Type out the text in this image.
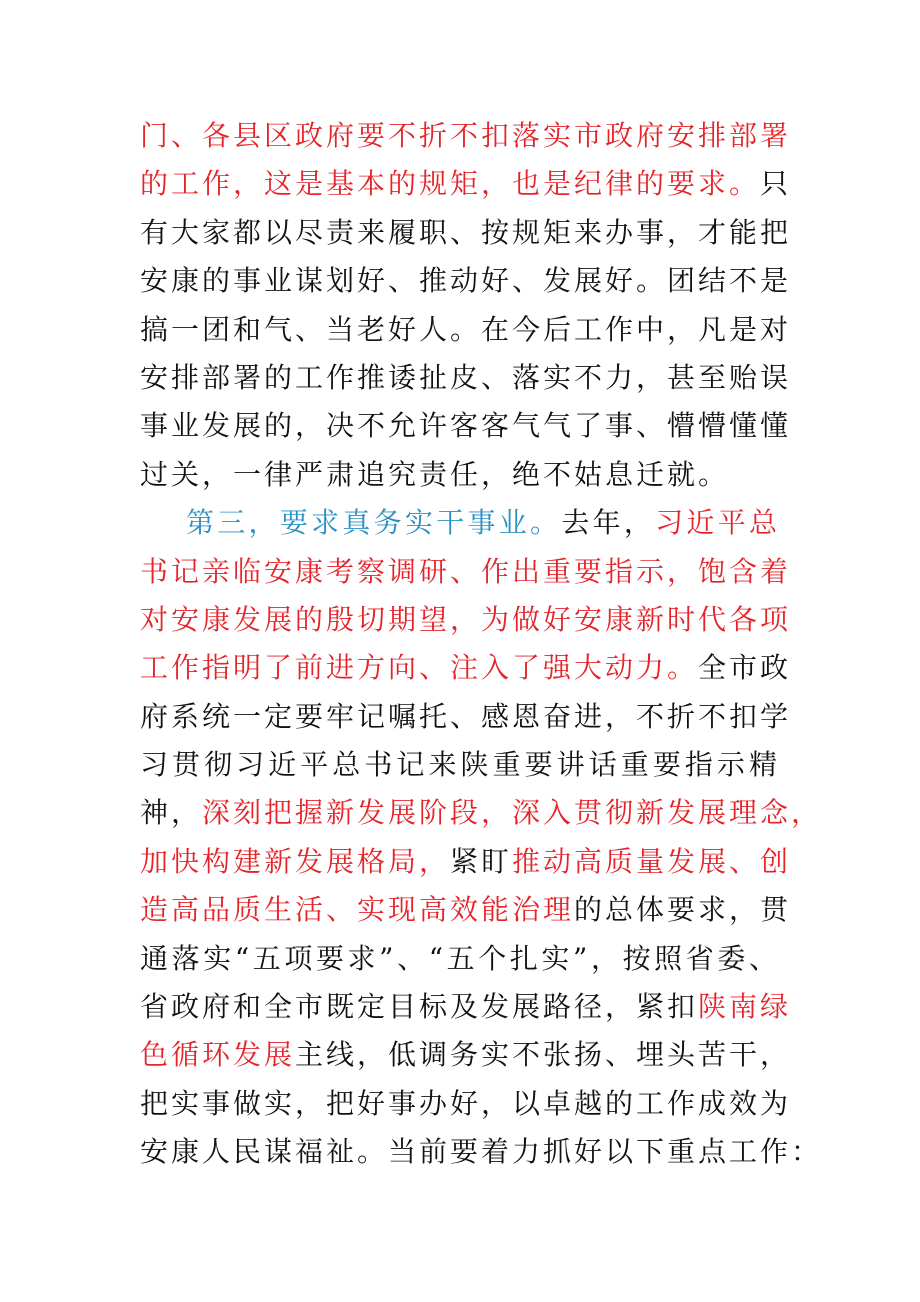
门、各县区政府要不折不扣落实市政府安排部署
的工作，这是基本的规矩，也是纪律的要求。只
有大家都以尽责来履职、按规矩来办事，才能把
安康的事业谋划好、推动好、发展好。团结不是
搞一团和气、当老好人。在今后工作中，凡是对
安排部署的工作推诿扯皮、落实不力，甚至贻误
事业发展的，决不允许客客气气了事、懵懵懂懂
过关，一律严肃追究责任，绝不姑息迁就。
第三，要求真务实干事业。去年，习近平总
书记亲临安康考察调研、作出重要指示，饱含着
对安康发展的殷切期望，为做好安康新时代各项
工作指明了前进方向、注入了强大动力。全市政
府系统一定要牢记嘱托、感恩奋进，不折不扣学
习贯彻习近平总书记来陕重要讲话重要指示精
神，深刻把握新发展阶段，深入贯彻新发展理念，
加快构建新发展格局，紧盯推动高质量发展、创
造高品质生活、实现高效能治理的总体要求，贯
通落实“五项要求”、“五个扎实”，按照省委、
省政府和全市既定目标及发展路径，紧扣陕南绿
色循环发展主线，低调务实不张扬、埋头苦干，
把实事做实，把好事办好，以卓越的工作成效为
安康人民谋福祉。当前要着力抓好以下重点工作：
